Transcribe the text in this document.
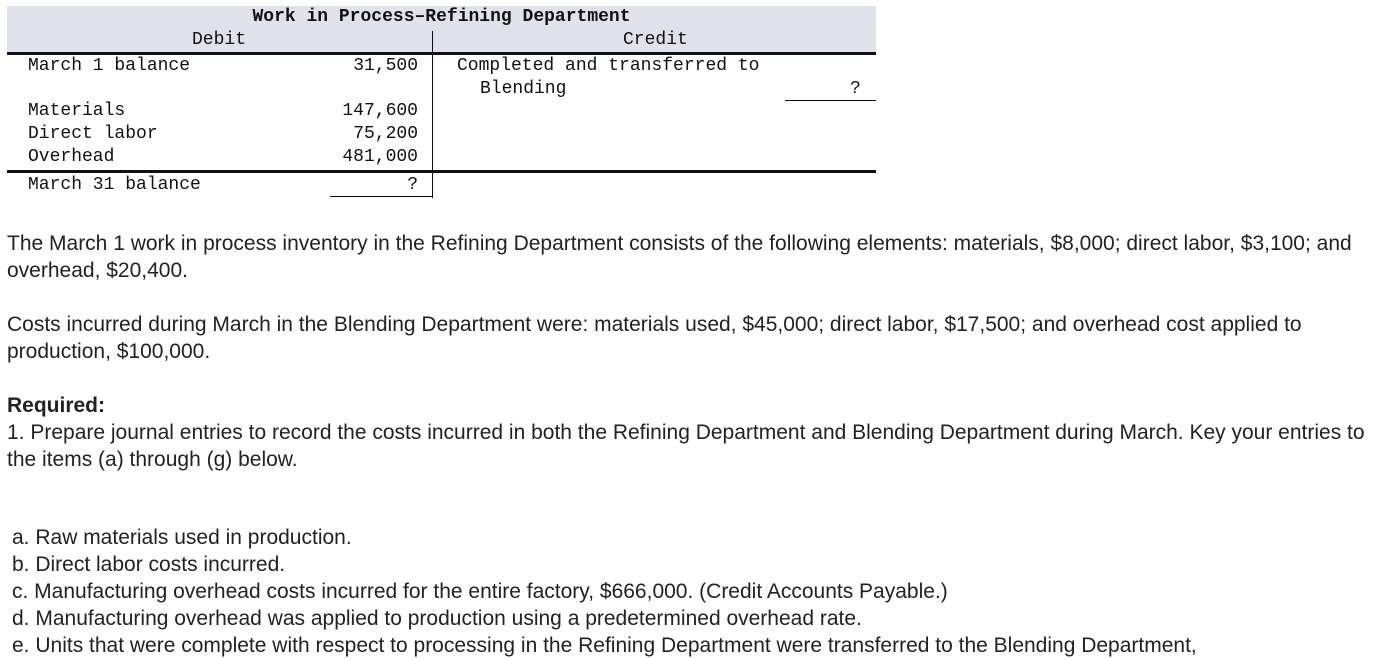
Work in Process–Refining Department
Debit	Credit
March 1 balance	31,500
Materials	147,600
Direct labor	75,200
Overhead	481,000
March 31 balance	?
Completed and transferred to
Blending	?

The March 1 work in process inventory in the Refining Department consists of the following elements: materials, $8,000; direct labor, $3,100; and overhead, $20,400.

Costs incurred during March in the Blending Department were: materials used, $45,000; direct labor, $17,500; and overhead cost applied to production, $100,000.

Required:

1. Prepare journal entries to record the costs incurred in both the Refining Department and Blending Department during March. Key your entries to the items (a) through (g) below.

a. Raw materials used in production.
b. Direct labor costs incurred.
c. Manufacturing overhead costs incurred for the entire factory, $666,000. (Credit Accounts Payable.)
d. Manufacturing overhead was applied to production using a predetermined overhead rate.
e. Units that were complete with respect to processing in the Refining Department were transferred to the Blending Department,
